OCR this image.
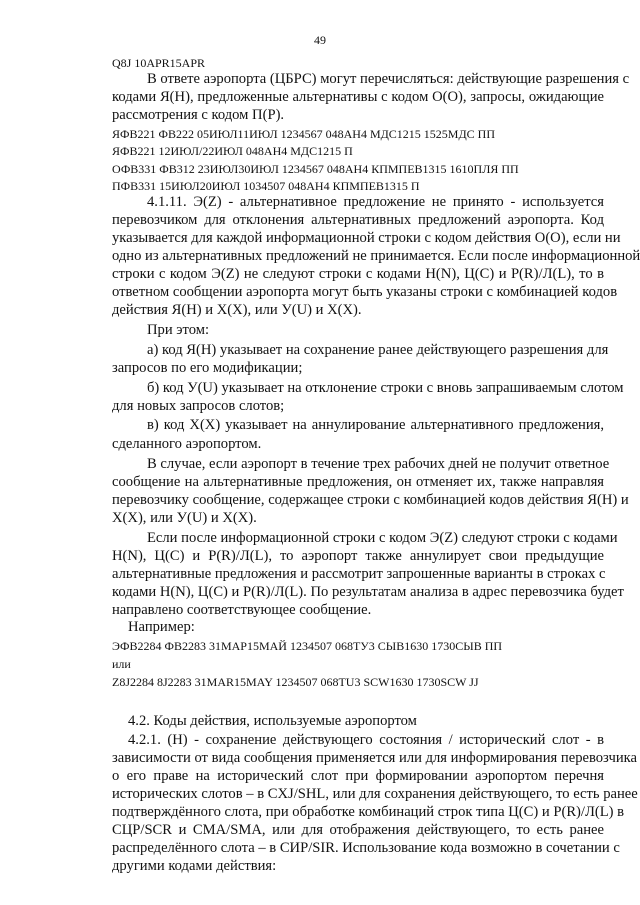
49
Q8J 10APR15APR
В ответе аэропорта (ЦБРС) могут перечисляться: действующие разрешения с
кодами Я(Н), предложенные альтернативы с кодом О(О), запросы, ожидающие
рассмотрения с кодом П(Р).
ЯФВ221 ФВ222 05ИЮЛ11ИЮЛ 1234567 048АН4 МДС1215 1525МДС ПП
ЯФВ221 12ИЮЛ/22ИЮЛ 048АН4 МДС1215 П
ОФВ331 ФВ312 23ИЮЛ30ИЮЛ 1234567 048АН4 КПМПЕВ1315 1610ПЛЯ ПП
ПФВ331 15ИЮЛ20ИЮЛ 1034507 048АН4 КПМПЕВ1315 П
4.1.11. Э(Z) - альтернативное предложение не принято - используется
перевозчиком для отклонения альтернативных предложений аэропорта. Код
указывается для каждой информационной строки с кодом действия О(О), если ни
одно из альтернативных предложений не принимается. Если после информационной
строки с кодом Э(Z) не следуют строки с кодами Н(N), Ц(С) и Р(R)/Л(L), то в
ответном сообщении аэропорта могут быть указаны строки с комбинацией кодов
действия Я(Н) и Х(Х), или У(U) и Х(Х).
При этом:
а) код Я(Н) указывает на сохранение ранее действующего разрешения для
запросов по его модификации;
б) код У(U) указывает на отклонение строки с вновь запрашиваемым слотом
для новых запросов слотов;
в) код Х(Х) указывает на аннулирование альтернативного предложения,
сделанного аэропортом.
В случае, если аэропорт в течение трех рабочих дней не получит ответное
сообщение на альтернативные предложения, он отменяет их, также направляя
перевозчику сообщение, содержащее строки с комбинацией кодов действия Я(Н) и
Х(Х), или У(U) и Х(Х).
Если после информационной строки с кодом Э(Z) следуют строки с кодами
Н(N), Ц(С) и Р(R)/Л(L), то аэропорт также аннулирует свои предыдущие
альтернативные предложения и рассмотрит запрошенные варианты в строках с
кодами Н(N), Ц(С) и Р(R)/Л(L). По результатам анализа в адрес перевозчика будет
направлено соответствующее сообщение.
Например:
ЭФВ2284 ФВ2283 31МАР15МАЙ 1234507 068ТУ3 СЫВ1630 1730СЫВ ПП
или
Z8J2284 8J2283 31MAR15MAY 1234507 068TU3 SCW1630 1730SCW JJ
4.2. Коды действия, используемые аэропортом
4.2.1. (Н) - сохранение действующего состояния / исторический слот - в
зависимости от вида сообщения применяется или для информирования перевозчика
о его праве на исторический слот при формировании аэропортом перечня
исторических слотов – в CXJ/SHL, или для сохранения действующего, то есть ранее
подтверждённого слота, при обработке комбинаций строк типа Ц(С) и Р(R)/Л(L) в
СЦР/SCR и СМА/SMA, или для отображения действующего, то есть ранее
распределённого слота – в СИР/SIR. Использование кода возможно в сочетании с
другими кодами действия:
